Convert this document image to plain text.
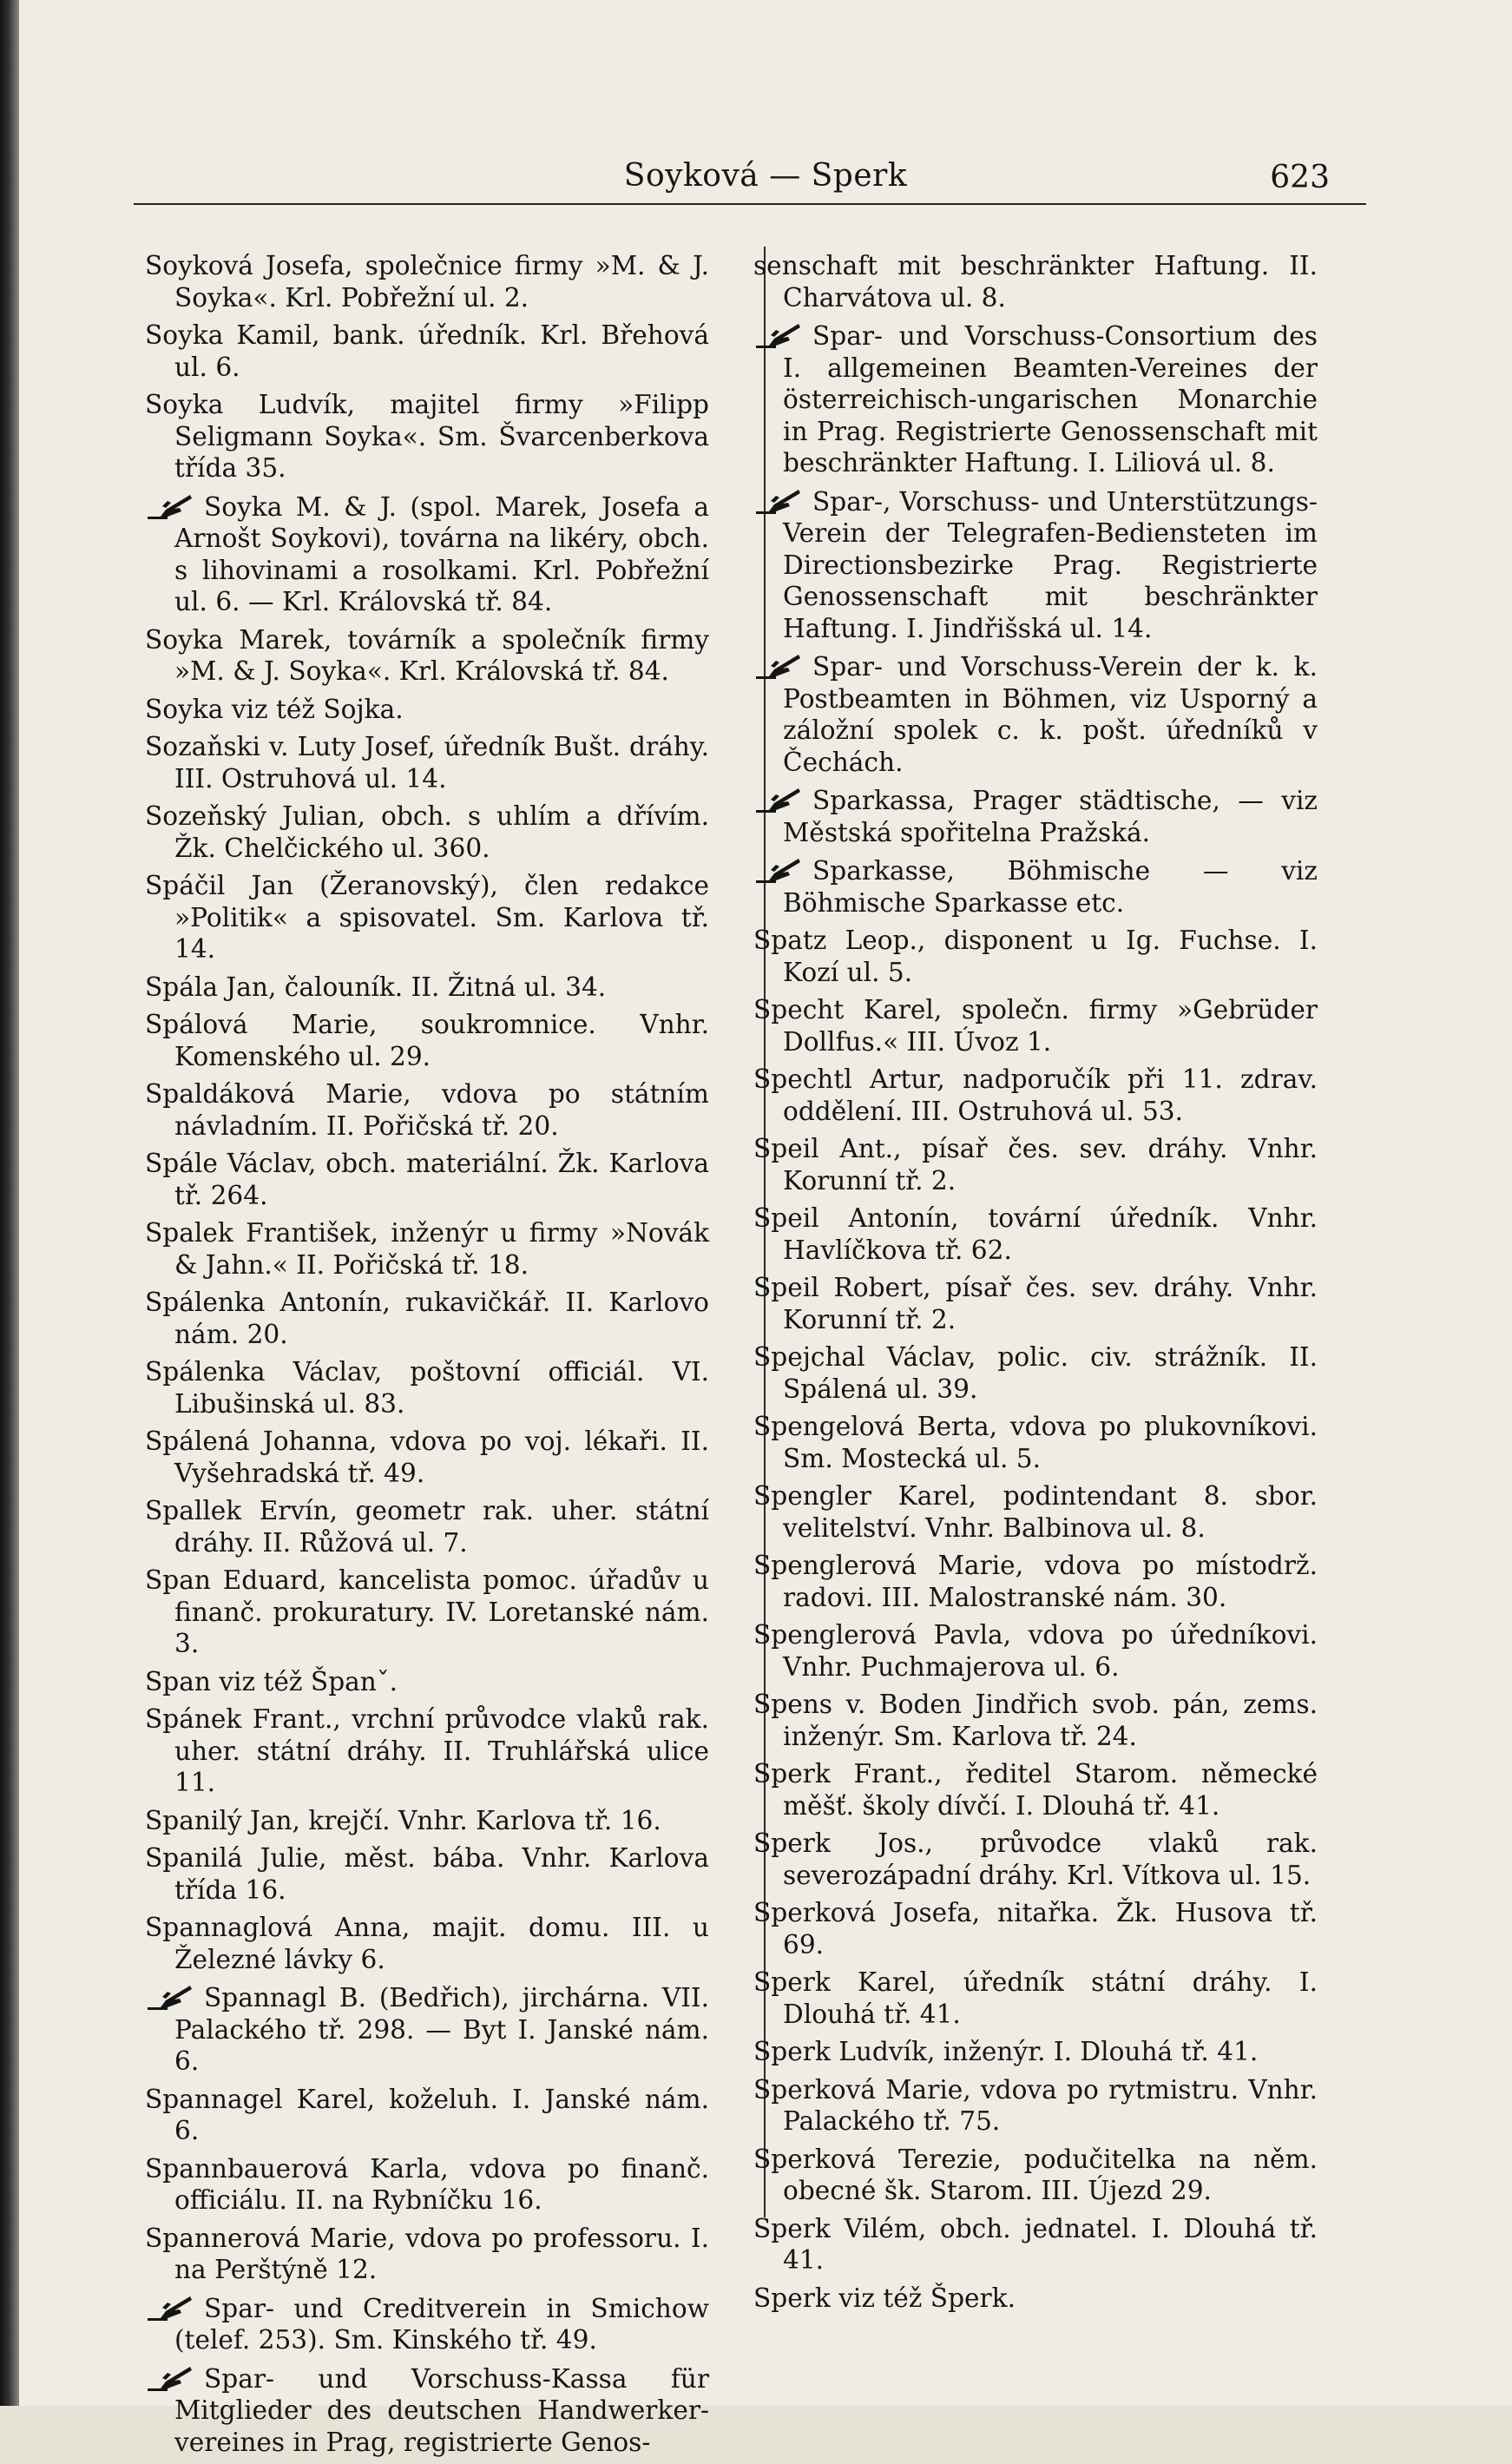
Soyková — Sperk	623

Soyková Josefa, společnice firmy »M. & J. Soyka«. Krl. Pobřežní ul. 2.

Soyka Kamil, bank. úředník. Krl. Břehová ul. 6.

Soyka Ludvík, majitel firmy »Filipp Seligmann Soyka«. Sm. Švarcenberkova třída 35.

Soyka M. & J. (spol. Marek, Josefa a Arnošt Soykovi), továrna na likéry, obch. s lihovinami a rosolkami. Krl. Pobřežní ul. 6. — Krl. Královská tř. 84.

Soyka Marek, továrník a společník firmy »M. & J. Soyka«. Krl. Královská tř. 84.

Soyka viz též Sojka.

Sozaňski v. Luty Josef, úředník Bušt. dráhy. III. Ostruhová ul. 14.

Sozeňský Julian, obch. s uhlím a dřívím. Žk. Chelčického ul. 360.

Spáčil Jan (Žeranovský), člen redakce »Politik« a spisovatel. Sm. Karlova tř. 14.

Spála Jan, čalouník. II. Žitná ul. 34.

Spálová Marie, soukromnice. Vnhr. Komenského ul. 29.

Spaldáková Marie, vdova po státním návladním. II. Pořičská tř. 20.

Spále Václav, obch. materiální. Žk. Karlova tř. 264.

Spalek František, inženýr u firmy »Novák & Jahn.« II. Pořičská tř. 18.

Spálenka Antonín, rukavičkář. II. Karlovo nám. 20.

Spálenka Václav, poštovní officiál. VI. Libušinská ul. 83.

Spálená Johanna, vdova po voj. lékaři. II. Vyšehradská tř. 49.

Spallek Ervín, geometr rak. uher. státní dráhy. II. Růžová ul. 7.

Span Eduard, kancelista pomoc. úřadův u finanč. prokuratury. IV. Loretanské nám. 3.

Span viz též Španˇ.

Spánek Frant., vrchní průvodce vlaků rak. uher. státní dráhy. II. Truhlářská ulice 11.

Spanilý Jan, krejčí. Vnhr. Karlova tř. 16.

Spanilá Julie, měst. bába. Vnhr. Karlova třída 16.

Spannaglová Anna, majit. domu. III. u Železné lávky 6.

Spannagl B. (Bedřich), jirchárna. VII. Palackého tř. 298. — Byt I. Janské nám. 6.

Spannagel Karel, koželuh. I. Janské nám. 6.

Spannbauerová Karla, vdova po finanč. officiálu. II. na Rybníčku 16.

Spannerová Marie, vdova po professoru. I. na Perštýně 12.

Spar- und Creditverein in Smichow (telef. 253). Sm. Kinského tř. 49.

Spar- und Vorschuss-Kassa für Mitglieder des deutschen Handwerker-vereines in Prag, registrierte Genos-

senschaft mit beschränkter Haftung. II. Charvátova ul. 8.

Spar- und Vorschuss-Consortium des I. allgemeinen Beamten-Vereines der österreichisch-ungarischen Monarchie in Prag. Registrierte Genossenschaft mit beschränkter Haftung. I. Liliová ul. 8.

Spar-, Vorschuss- und Unterstützungs-Verein der Telegrafen-Bediensteten im Directionsbezirke Prag. Registrierte Genossenschaft mit beschränkter Haftung. I. Jindřišská ul. 14.

Spar- und Vorschuss-Verein der k. k. Postbeamten in Böhmen, viz Usporný a záložní spolek c. k. pošt. úředníků v Čechách.

Sparkassa, Prager städtische, — viz Městská spořitelna Pražská.

Sparkasse, Böhmische — viz Böhmische Sparkasse etc.

Spatz Leop., disponent u Ig. Fuchse. I. Kozí ul. 5.

Specht Karel, společn. firmy »Gebrüder Dollfus.« III. Úvoz 1.

Spechtl Artur, nadporučík při 11. zdrav. oddělení. III. Ostruhová ul. 53.

Speil Ant., písař čes. sev. dráhy. Vnhr. Korunní tř. 2.

Speil Antonín, tovární úředník. Vnhr. Havlíčkova tř. 62.

Speil Robert, písař čes. sev. dráhy. Vnhr. Korunní tř. 2.

Spejchal Václav, polic. civ. strážník. II. Spálená ul. 39.

Spengelová Berta, vdova po plukovníkovi. Sm. Mostecká ul. 5.

Spengler Karel, podintendant 8. sbor. velitelství. Vnhr. Balbinova ul. 8.

Spenglerová Marie, vdova po místodrž. radovi. III. Malostranské nám. 30.

Spenglerová Pavla, vdova po úředníkovi. Vnhr. Puchmajerova ul. 6.

Spens v. Boden Jindřich svob. pán, zems. inženýr. Sm. Karlova tř. 24.

Sperk Frant., ředitel Starom. německé měšť. školy dívčí. I. Dlouhá tř. 41.

Sperk Jos., průvodce vlaků rak. severozápadní dráhy. Krl. Vítkova ul. 15.

Sperková Josefa, nitařka. Žk. Husova tř. 69.

Sperk Karel, úředník státní dráhy. I. Dlouhá tř. 41.

Sperk Ludvík, inženýr. I. Dlouhá tř. 41.

Sperková Marie, vdova po rytmistru. Vnhr. Palackého tř. 75.

Sperková Terezie, podučitelka na něm. obecné šk. Starom. III. Újezd 29.

Sperk Vilém, obch. jednatel. I. Dlouhá tř. 41.

Sperk viz též Šperk.
